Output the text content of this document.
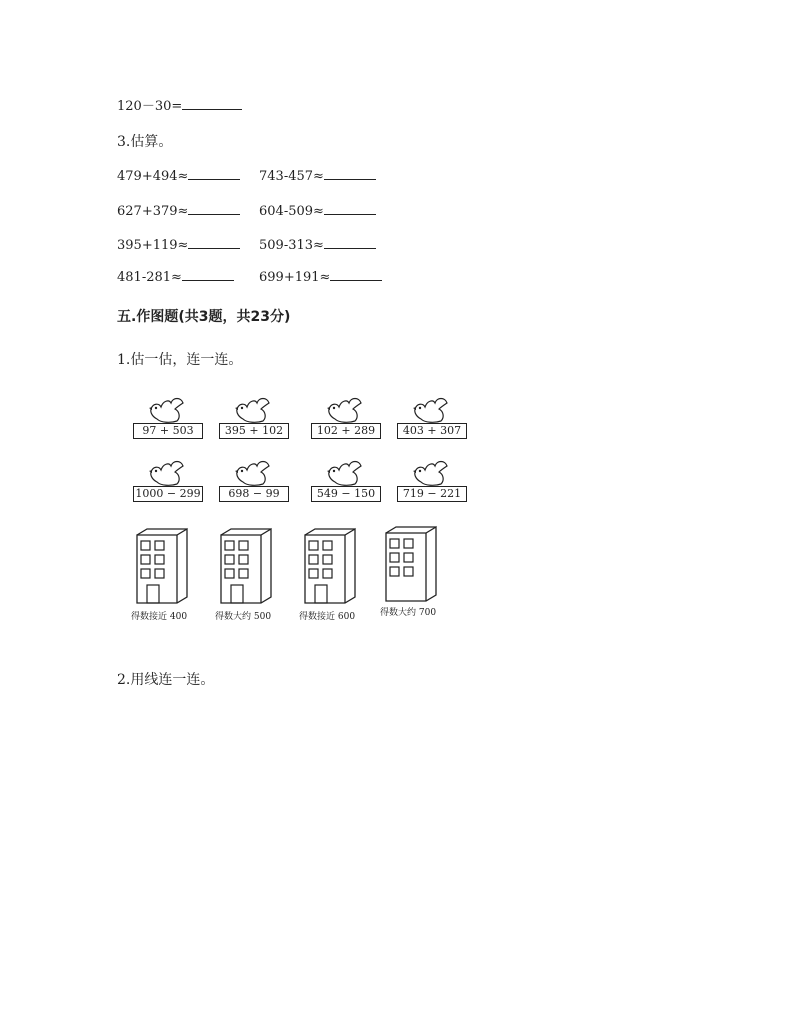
120－30=
3.估算。
479+494≈	743-457≈
627+379≈	604-509≈
395+119≈	509-313≈
481-281≈	699+191≈
五.作图题(共3题，共23分)
1.估一估，连一连。
97 + 503	395 + 102	102 + 289	403 + 307
1000 − 299	698 − 99	549 − 150	719 − 221
得数接近 400	得数大约 500	得数接近 600	得数大约 700
2.用线连一连。
